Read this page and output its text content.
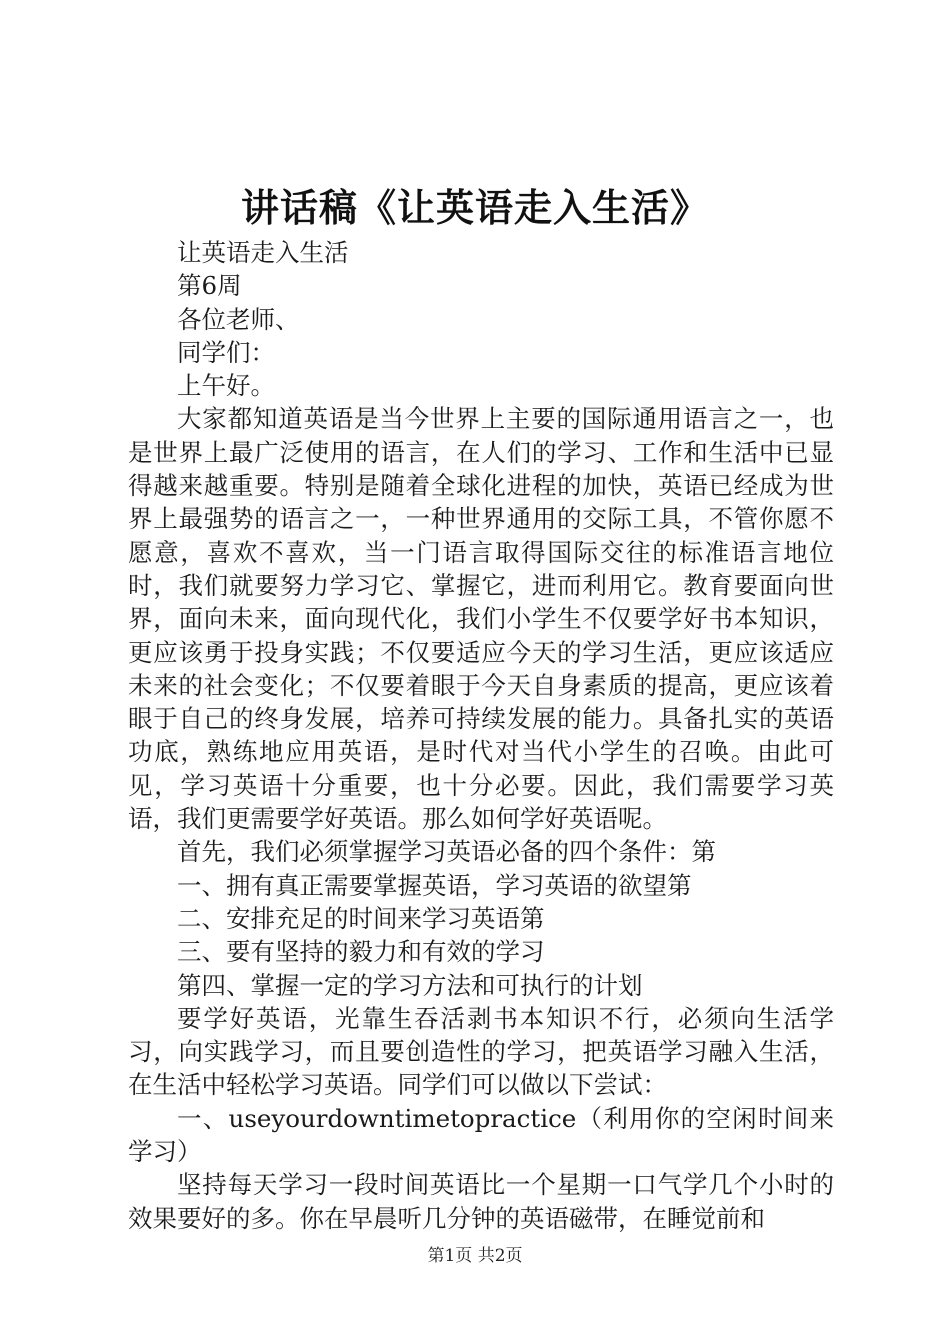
讲话稿《让英语走入生活》

让英语走入生活

第6周

各位老师、

同学们：

上午好。

大家都知道英语是当今世界上主要的国际通用语言之一，也是世界上最广泛使用的语言，在人们的学习、工作和生活中已显得越来越重要。特别是随着全球化进程的加快，英语已经成为世界上最强势的语言之一，一种世界通用的交际工具，不管你愿不愿意，喜欢不喜欢，当一门语言取得国际交往的标准语言地位时，我们就要努力学习它、掌握它，进而利用它。教育要面向世界，面向未来，面向现代化，我们小学生不仅要学好书本知识，更应该勇于投身实践；不仅要适应今天的学习生活，更应该适应未来的社会变化；不仅要着眼于今天自身素质的提高，更应该着眼于自己的终身发展，培养可持续发展的能力。具备扎实的英语功底，熟练地应用英语，是时代对当代小学生的召唤。由此可见，学习英语十分重要，也十分必要。因此，我们需要学习英语，我们更需要学好英语。那么如何学好英语呢。

首先，我们必须掌握学习英语必备的四个条件：第

一、拥有真正需要掌握英语，学习英语的欲望第

二、安排充足的时间来学习英语第

三、要有坚持的毅力和有效的学习

第四、掌握一定的学习方法和可执行的计划

要学好英语，光靠生吞活剥书本知识不行，必须向生活学习，向实践学习，而且要创造性的学习，把英语学习融入生活，在生活中轻松学习英语。同学们可以做以下尝试：

一、useyourdowntimetopractice（利用你的空闲时间来学习）

坚持每天学习一段时间英语比一个星期一口气学几个小时的效果要好的多。你在早晨听几分钟的英语磁带，在睡觉前和

第1页 共2页
